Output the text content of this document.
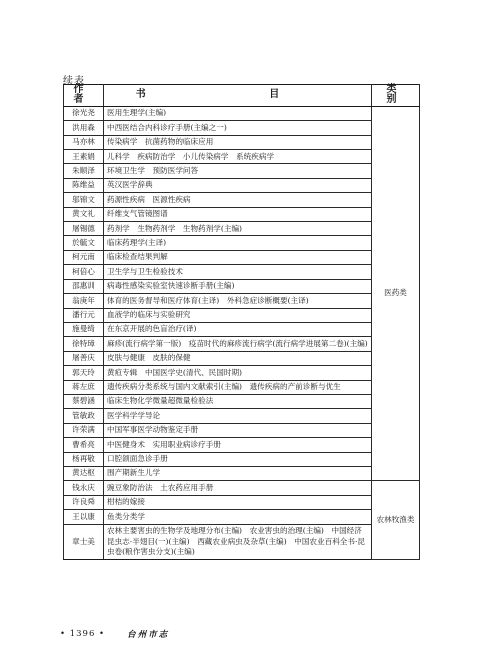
续表
作 者	书 目	类 别
徐光尧	医用生理学(主编)	医药类
洪用森	中西医结合内科诊疗手册(主编之一)	
马亦林	传染病学　抗菌药物的临床应用	
王素娟	儿科学　疾病防治学　小儿传染病学　系统疾病学	
朱顺泽	环境卫生学　预防医学问答	
陈维益	英汉医学辞典	
邬锦文	药源性疾病　医源性疾病	
黄文礼	纤维支气管镜图谱	
屠锡德	药剂学　生物药剂学　生物药剂学(主编)	
於毓文	临床药理学(主译)	
柯元南	临床检查结果判解	
柯倍心	卫生学与卫生检验技术	
邵惠训	病毒性感染实验室快速诊断手册(主编)	
翁庚年	体育的医务督导和医疗体育(主译)　外科急症诊断概要(主译)	
潘行元	血液学的临床与实验研究	
施曼绮	在东京开展的色盲治疗(译)	
徐特璋	麻疹(流行病学第一版)　疫苗时代的麻疹流行病学(流行病学进展第二卷)(主编)	
屠善庆	皮肤与健康　皮肤的保健	
郭天玲	黄疸专辑　中国医学史(清代、民国时期)	
蒋左庶	遗传疾病分类系统与国内文献索引(主编)　遗传疾病的产前诊断与优生	
蔡碧涵	临床生物化学微量超微量检验法	
管敏政	医学科学学导论	
许荣满	中国军事医学动物鉴定手册	
曹希亮	中医健身术　实用职业病诊疗手册	
杨再敬	口腔颌面急诊手册	
黄达枢	围产期新生儿学	
钱永庆	豌豆象防治法　土农药应用手册	农林牧渔类
许良舜	柑桔的嫁接	
王以康	鱼类分类学	
章士美	农林主要害虫的生物学及地理分布(主编)　农业害虫的治理(主编)　中国经济昆虫志·半翅目(一)(主编)　西藏农业病虫及杂草(主编)　中国农业百科全书·昆虫卷(粮作害虫分支)(主编)	
• 1396 •	台州市志
